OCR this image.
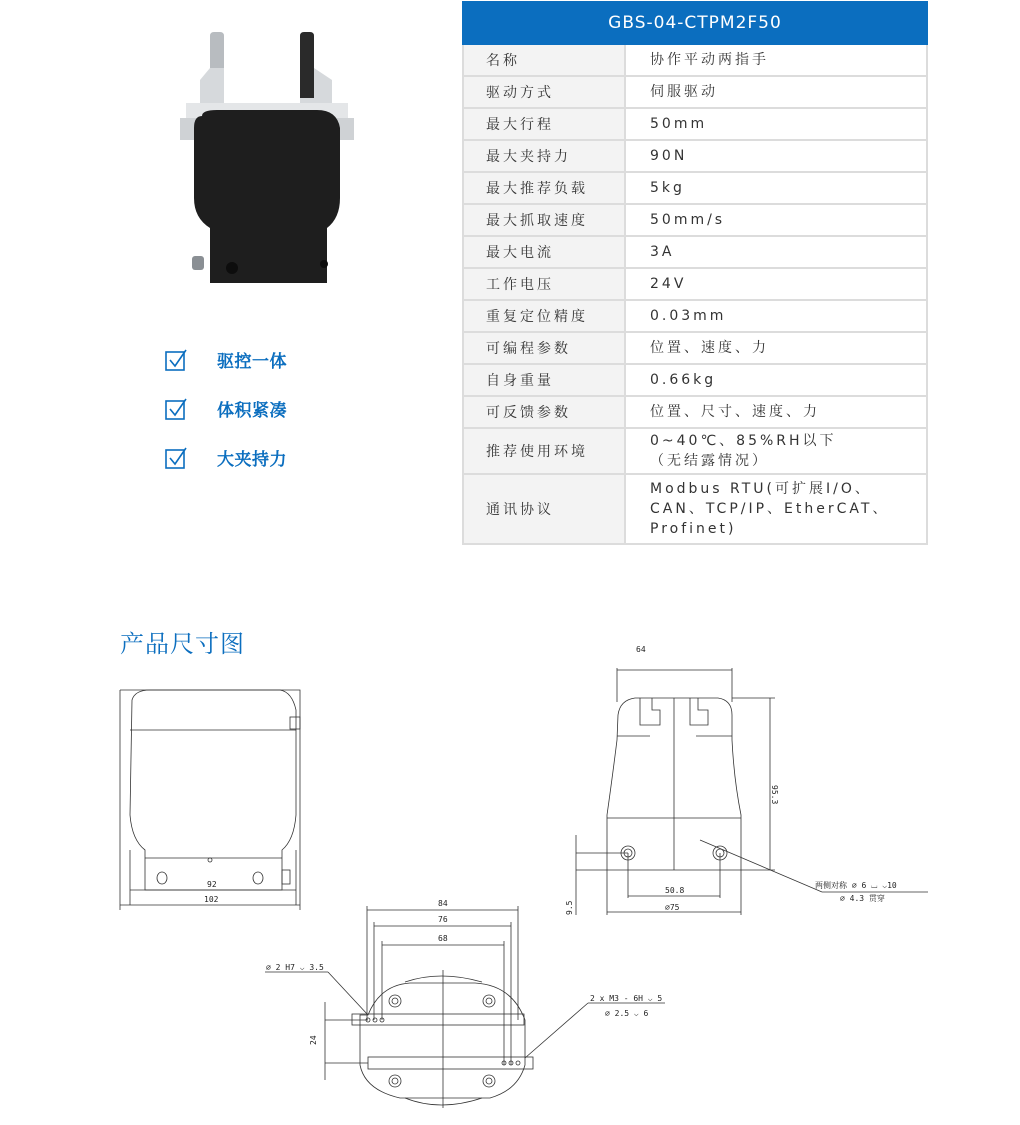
驱控一体
体积紧凑
大夹持力
GBS-04-CTPM2F50	
名称	协作平动两指手
驱动方式	伺服驱动
最大行程	50mm
最大夹持力	90N
最大推荐负载	5kg
最大抓取速度	50mm/s
最大电流	3A
工作电压	24V
重复定位精度	0.03mm
可编程参数	位置、速度、力
自身重量	0.66kg
可反馈参数	位置、尺寸、速度、力
推荐使用环境	0~40℃、85%RH以下
（无结露情况）

通讯协议	Modbus RTU(可扩展I/O、
CAN、TCP/IP、EtherCAT、
Profinet)
产品尺寸图
92
102
64
95.3
9.5
50.8
∅75
两侧对称 ∅ 6 ⌴ ⌵10
∅ 4.3 贯穿
84
76
68
24
∅ 2 H7 ⌵ 3.5
2 x M3 - 6H ⌵ 5
∅ 2.5 ⌵ 6
